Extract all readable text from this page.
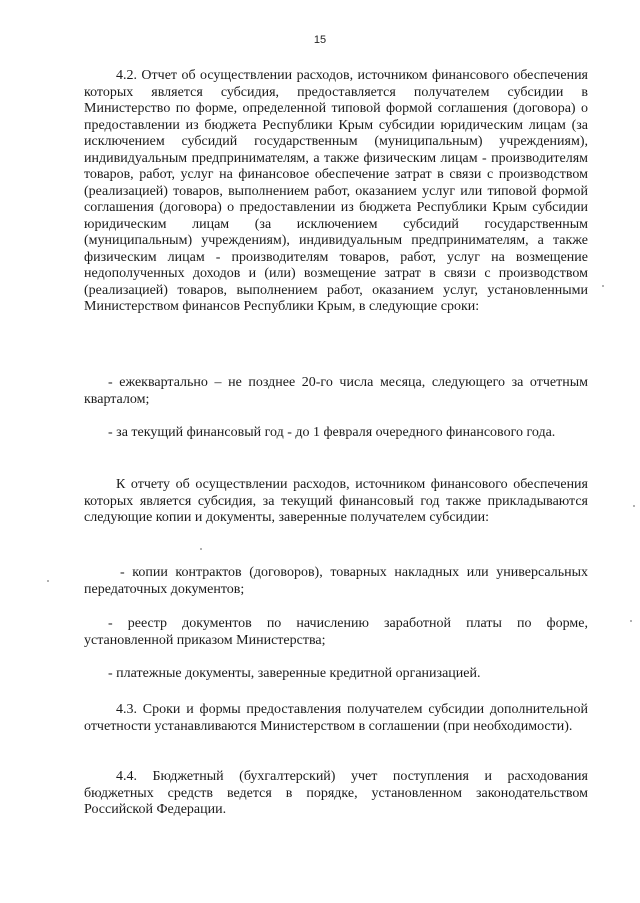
15
4.2. Отчет об осуществлении расходов, источником финансового обеспечения которых является субсидия, предоставляется получателем субсидии в Министерство по форме, определенной типовой формой соглашения (договора) о предоставлении из бюджета Республики Крым субсидии юридическим лицам (за исключением субсидий государственным (муниципальным) учреждениям), индивидуальным предпринимателям, а также физическим лицам - производителям товаров, работ, услуг на финансовое обеспечение затрат в связи с производством (реализацией) товаров, выполнением работ, оказанием услуг или типовой формой соглашения (договора) о предоставлении из бюджета Республики Крым субсидии юридическим лицам (за исключением субсидий государственным (муниципальным) учреждениям), индивидуальным предпринимателям, а также физическим лицам - производителям товаров, работ, услуг на возмещение недополученных доходов и (или) возмещение затрат в связи с производством (реализацией) товаров, выполнением работ, оказанием услуг, установленными Министерством финансов Республики Крым, в следующие сроки:
- ежеквартально – не позднее 20-го числа месяца, следующего за отчетным кварталом;
- за текущий финансовый год - до 1 февраля очередного финансового года.
К отчету об осуществлении расходов, источником финансового обеспечения которых является субсидия, за текущий финансовый год также прикладываются следующие копии и документы, заверенные получателем субсидии:
- копии контрактов (договоров), товарных накладных или универсальных передаточных документов;
- реестр документов по начислению заработной платы по форме, установленной приказом Министерства;
- платежные документы, заверенные кредитной организацией.
4.3. Сроки и формы предоставления получателем субсидии дополнительной отчетности устанавливаются Министерством в соглашении (при необходимости).
4.4. Бюджетный (бухгалтерский) учет поступления и расходования бюджетных средств ведется в порядке, установленном законодательством Российской Федерации.
